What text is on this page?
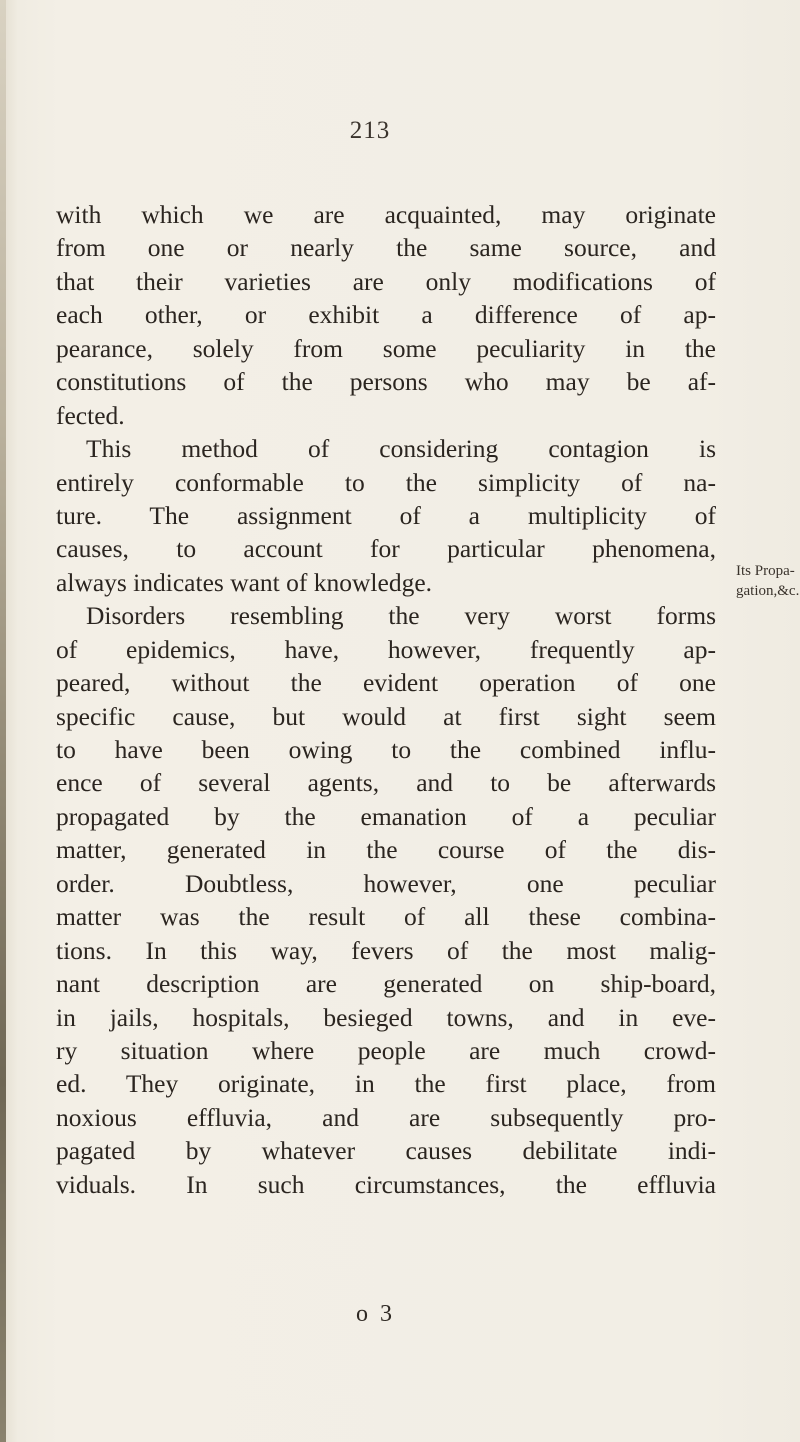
213
with which we are acquainted, may originate
from one or nearly the same source, and
that their varieties are only modifications of
each other, or exhibit a difference of ap-
pearance, solely from some peculiarity in the
constitutions of the persons who may be af-
fected.
This method of considering contagion is
entirely conformable to the simplicity of na-
ture. The assignment of a multiplicity of
causes, to account for particular phenomena,
always indicates want of knowledge.
Disorders resembling the very worst forms
of epidemics, have, however, frequently ap-
peared, without the evident operation of one
specific cause, but would at first sight seem
to have been owing to the combined influ-
ence of several agents, and to be afterwards
propagated by the emanation of a peculiar
matter, generated in the course of the dis-
order. Doubtless, however, one peculiar
matter was the result of all these combina-
tions. In this way, fevers of the most malig-
nant description are generated on ship-board,
in jails, hospitals, besieged towns, and in eve-
ry situation where people are much crowd-
ed. They originate, in the first place, from
noxious effluvia, and are subsequently pro-
pagated by whatever causes debilitate indi-
viduals. In such circumstances, the effluvia
Its Propa-
gation,&c.
o 3
